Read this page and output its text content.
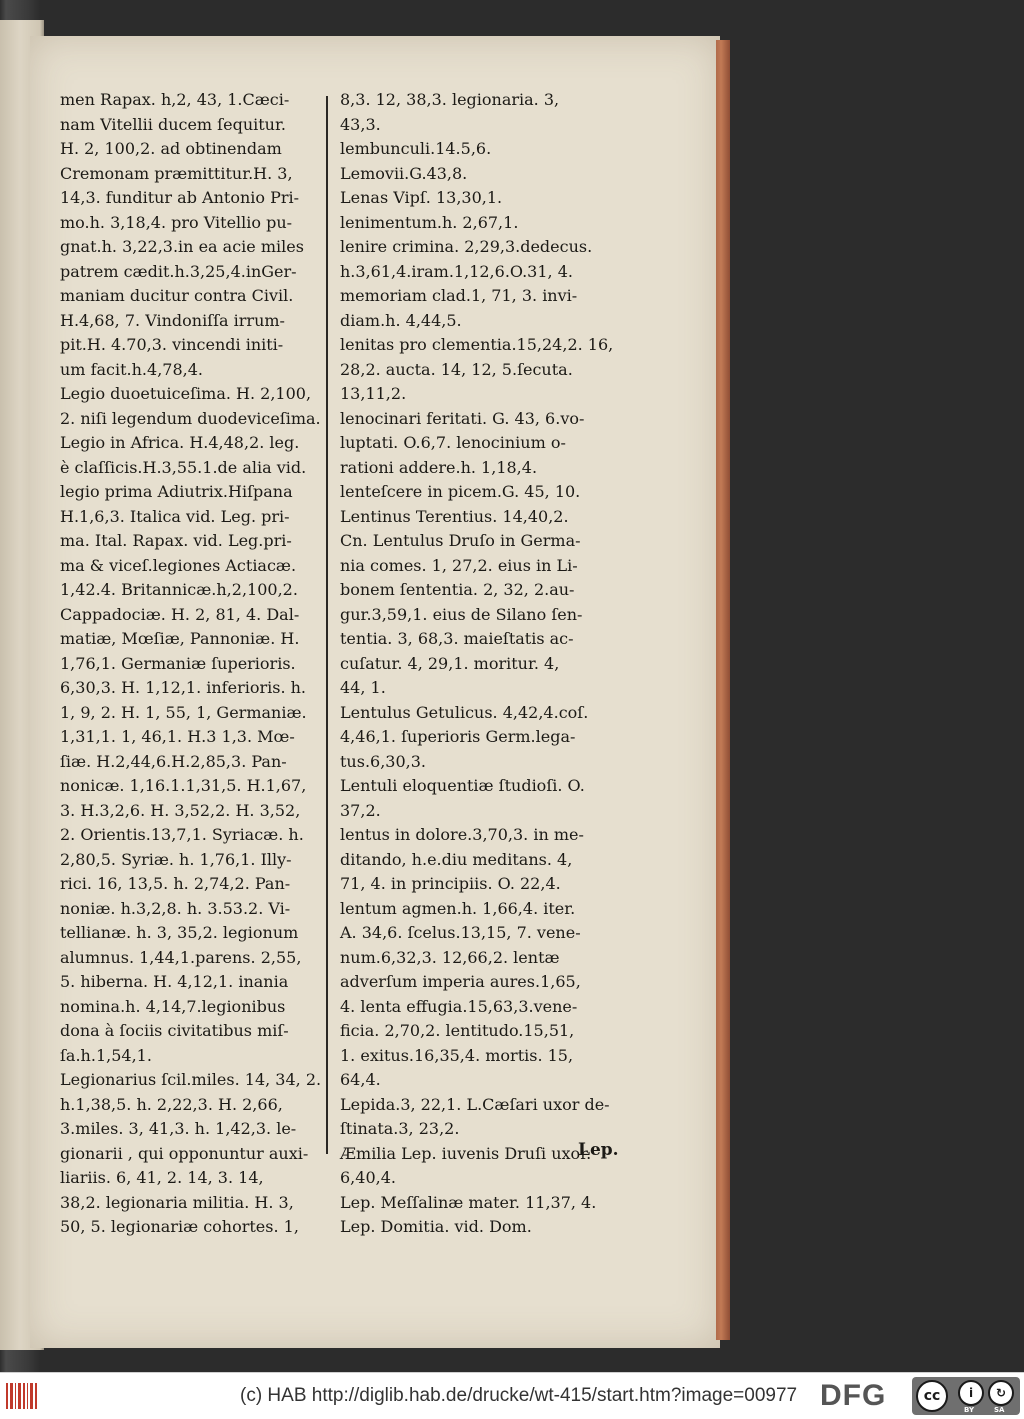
men Rapax. h,2, 43, 1.Cæci-

nam Vitellii ducem ſequitur.

H. 2, 100,2. ad obtinendam

Cremonam præmittitur.H. 3,

14,3. funditur ab Antonio Pri-

mo.h. 3,18,4. pro Vitellio pu-

gnat.h. 3,22,3.in ea acie miles

patrem cædit.h.3,25,4.inGer-

maniam ducitur contra Civil.

H.4,68, 7. Vindoniſſa irrum-

pit.H. 4.70,3. vincendi initi-

um facit.h.4,78,4.

Legio duoetuiceſima. H. 2,100,

2. niſi legendum duodeviceſima.

Legio in Africa. H.4,48,2. leg.

è claſſicis.H.3,55.1.de alia vid.

legio prima Adiutrix.Hiſpana

H.1,6,3. Italica vid. Leg. pri-

ma. Ital. Rapax. vid. Leg.pri-

ma & viceſ.legiones Actiacæ.

1,42.4. Britannicæ.h,2,100,2.

Cappadociæ. H. 2, 81, 4. Dal-

matiæ, Mœſiæ, Pannoniæ. H.

1,76,1. Germaniæ ſuperioris.

6,30,3. H. 1,12,1. inferioris. h.

1, 9, 2. H. 1, 55, 1, Germaniæ.

1,31,1. 1, 46,1. H.3 1,3. Mœ-

ſiæ. H.2,44,6.H.2,85,3. Pan-

nonicæ. 1,16.1.1,31,5. H.1,67,

3. H.3,2,6. H. 3,52,2. H. 3,52,

2. Orientis.13,7,1. Syriacæ. h.

2,80,5. Syriæ. h. 1,76,1. Illy-

rici. 16, 13,5. h. 2,74,2. Pan-

noniæ. h.3,2,8. h. 3.53.2. Vi-

tellianæ. h. 3, 35,2. legionum

alumnus. 1,44,1.parens. 2,55,

5. hiberna. H. 4,12,1. inania

nomina.h. 4,14,7.legionibus

dona à ſociis civitatibus miſ-

ſa.h.1,54,1.

Legionarius ſcil.miles. 14, 34, 2.

h.1,38,5. h. 2,22,3. H. 2,66,

3.miles. 3, 41,3. h. 1,42,3. le-

gionarii , qui opponuntur auxi-

liariis. 6, 41, 2. 14, 3. 14,

38,2. legionaria militia. H. 3,

50, 5. legionariæ cohortes. 1,

8,3. 12, 38,3. legionaria. 3,

43,3.

lembunculi.14.5,6.

Lemovii.G.43,8.

Lenas Vipſ. 13,30,1.

lenimentum.h. 2,67,1.

lenire crimina. 2,29,3.dedecus.

h.3,61,4.iram.1,12,6.O.31, 4.

memoriam clad.1, 71, 3. invi-

diam.h. 4,44,5.

lenitas pro clementia.15,24,2. 16,

28,2. aucta. 14, 12, 5.ſecuta.

13,11,2.

lenocinari feritati. G. 43, 6.vo-

luptati. O.6,7. lenocinium o-

rationi addere.h. 1,18,4.

lenteſcere in picem.G. 45, 10.

Lentinus Terentius. 14,40,2.

Cn. Lentulus Druſo in Germa-

nia comes. 1, 27,2. eius in Li-

bonem ſententia. 2, 32, 2.au-

gur.3,59,1. eius de Silano ſen-

tentia. 3, 68,3. maieſtatis ac-

cuſatur. 4, 29,1. moritur. 4,

44, 1.

Lentulus Getulicus. 4,42,4.coſ.

4,46,1. ſuperioris Germ.lega-

tus.6,30,3.

Lentuli eloquentiæ ſtudioſi. O.

37,2.

lentus in dolore.3,70,3. in me-

ditando, h.e.diu meditans. 4,

71, 4. in principiis. O. 22,4.

lentum agmen.h. 1,66,4. iter.

A. 34,6. ſcelus.13,15, 7. vene-

num.6,32,3. 12,66,2. lentæ

adverſum imperia aures.1,65,

4. lenta effugia.15,63,3.vene-

ficia. 2,70,2. lentitudo.15,51,

1. exitus.16,35,4. mortis. 15,

64,4.

Lepida.3, 22,1. L.Cæſari uxor de-

ſtinata.3, 23,2.

Æmilia Lep. iuvenis Druſi uxor.

6,40,4.

Lep. Meſſalinæ mater. 11,37, 4.

Lep. Domitia. vid. Dom.

Lep.
(c) HAB http://diglib.hab.de/drucke/wt-415/start.htm?image=00977 DFG	cc	i	↻
BY	SA
